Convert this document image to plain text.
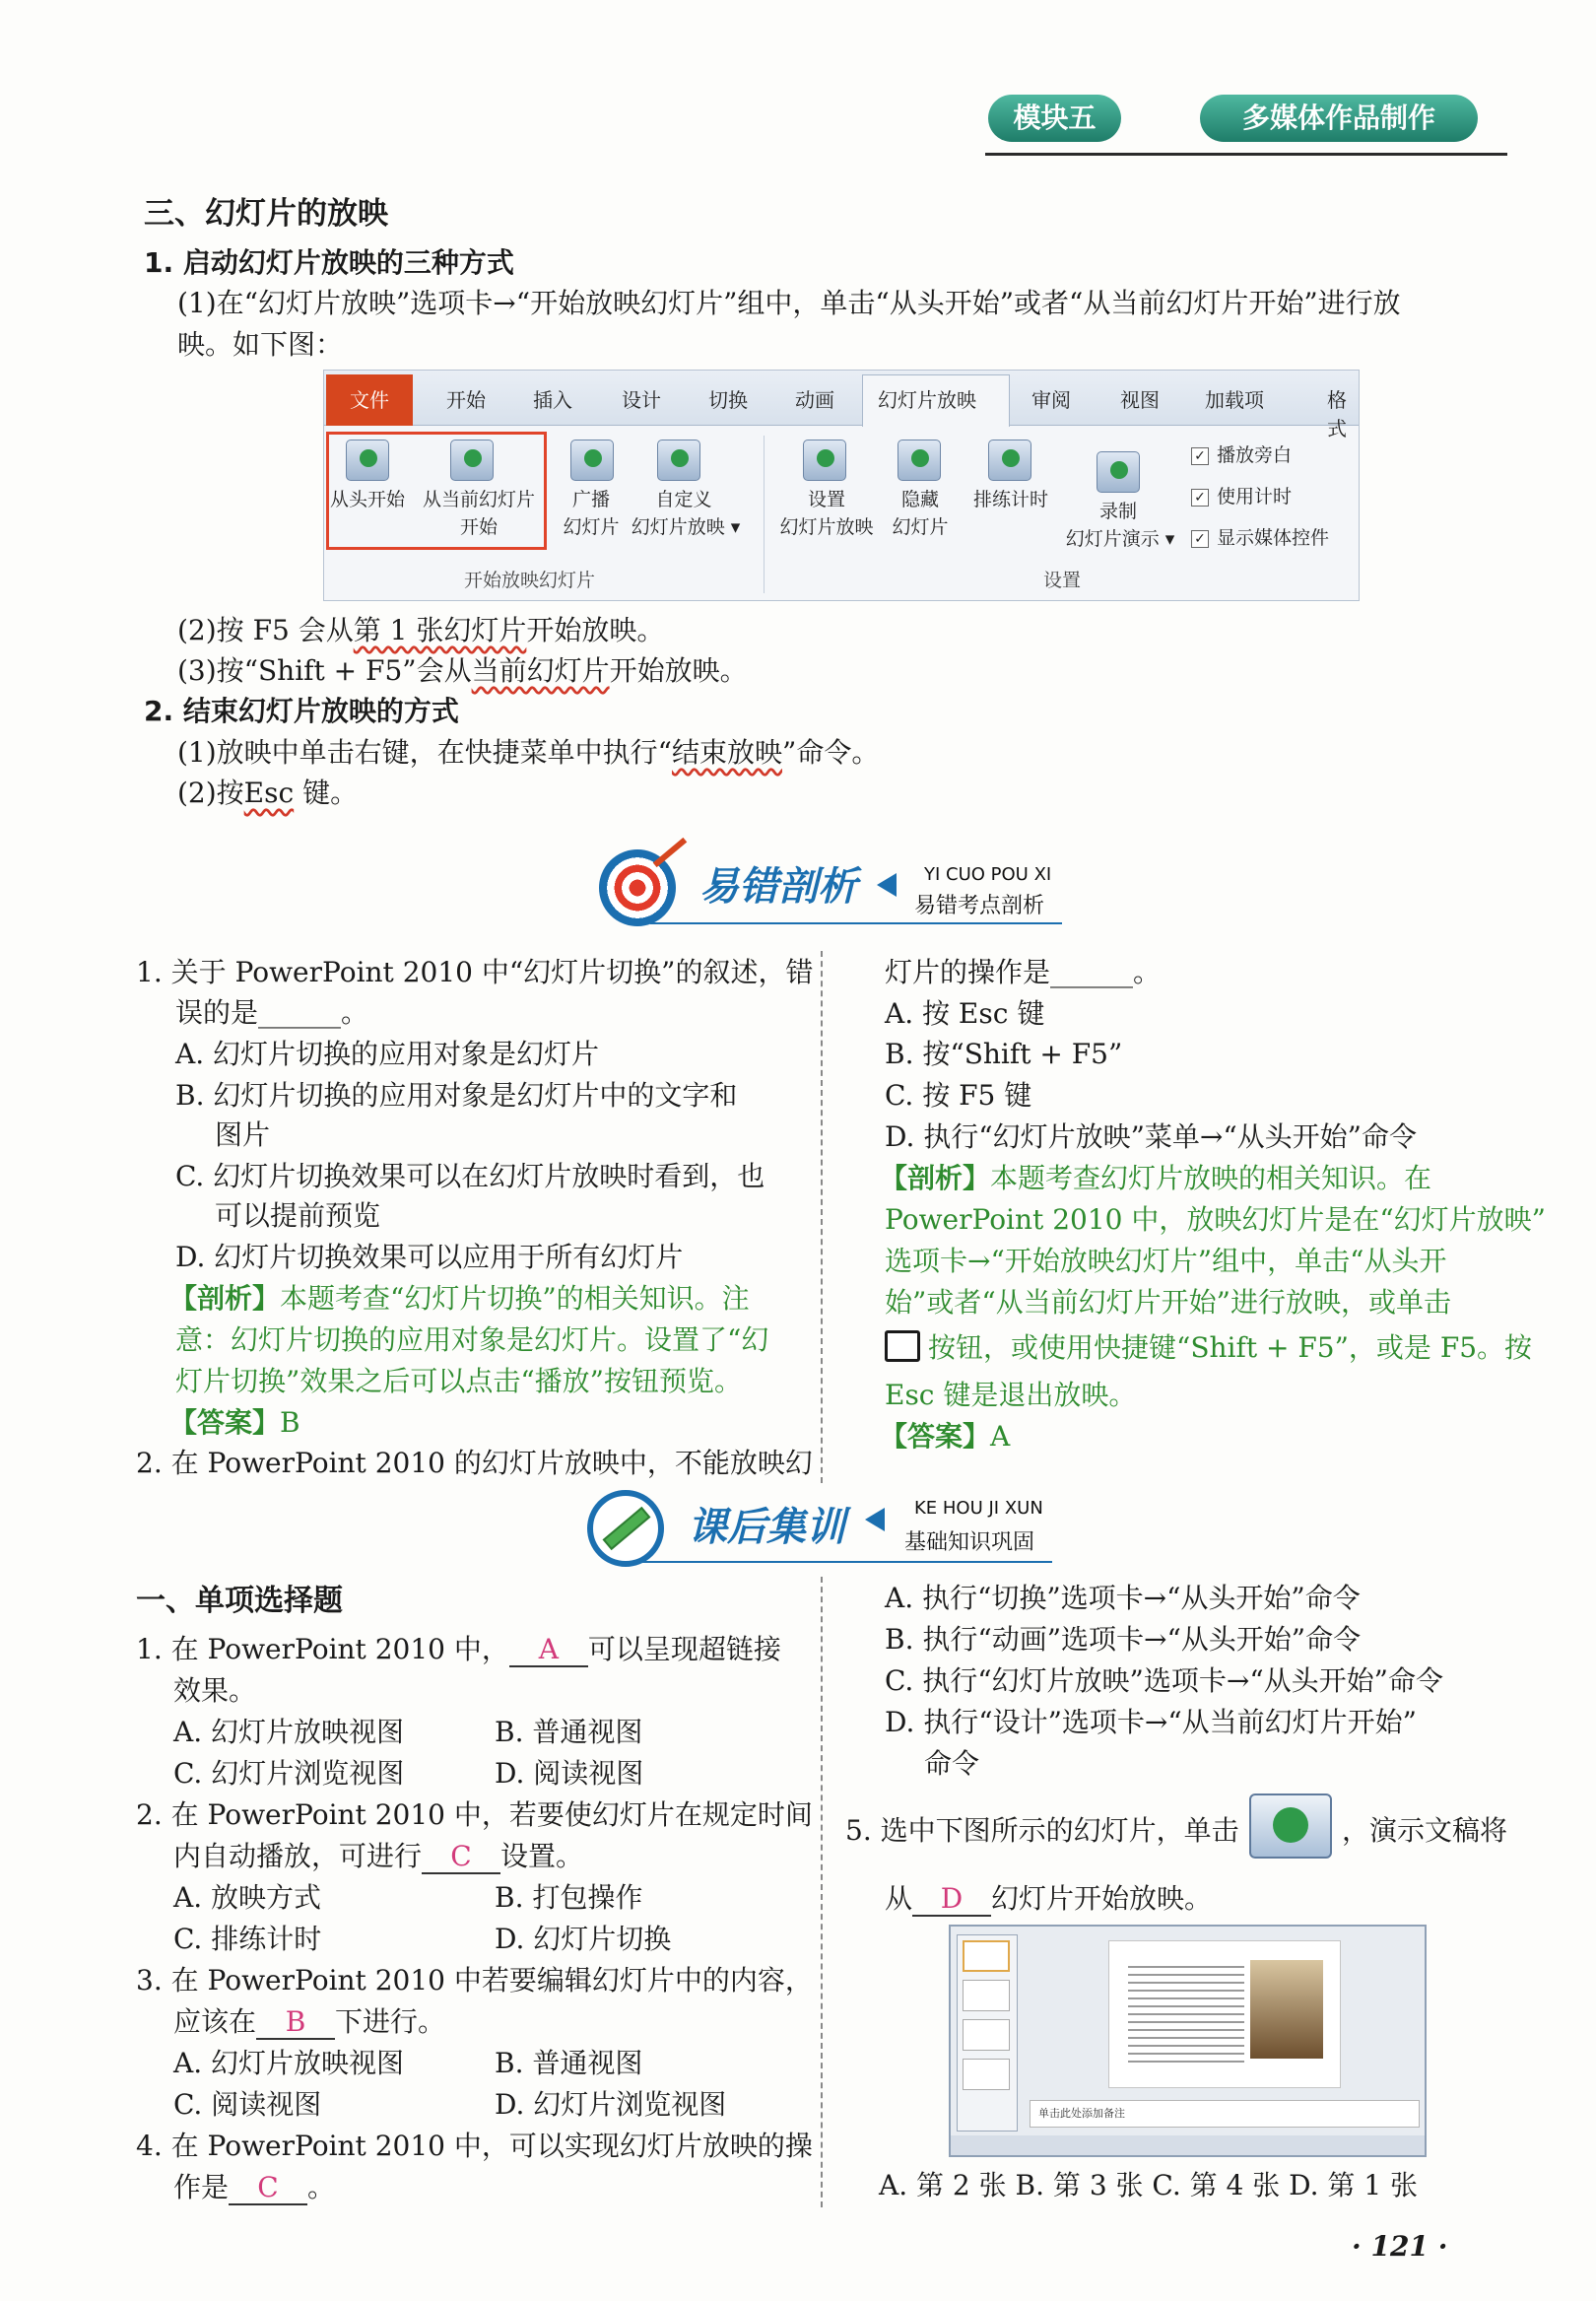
模块五	多媒体作品制作
三、幻灯片的放映
1. 启动幻灯片放映的三种方式
(1)在“幻灯片放映”选项卡→“开始放映幻灯片”组中，单击“从头开始”或者“从当前幻灯片开始”进行放
映。如下图：
文件	开始 插入	设计 切换 动画 幻灯片放映	审阅	视图 加载项	格式
从头开始 从当前幻灯片
开始
广播
幻灯片
自定义
幻灯片放映 ▾
开始放映幻灯片
设置
幻灯片放映
隐藏
幻灯片
排练计时
录制
幻灯片演示 ▾
✓ 播放旁白
✓ 使用计时
✓ 显示媒体控件
设置
(2)按 F5 会从第 1 张幻灯片开始放映。
(3)按“Shift + F5”会从当前幻灯片开始放映。
2. 结束幻灯片放映的方式
(1)放映中单击右键，在快捷菜单中执行“结束放映”命令。
(2)按Esc 键。
易错剖析	YI CUO POU XI
易错考点剖析
1. 关于 PowerPoint 2010 中“幻灯片切换”的叙述，错
误的是______。
A. 幻灯片切换的应用对象是幻灯片
B. 幻灯片切换的应用对象是幻灯片中的文字和
图片
C. 幻灯片切换效果可以在幻灯片放映时看到，也
可以提前预览
D. 幻灯片切换效果可以应用于所有幻灯片
【剖析】本题考查“幻灯片切换”的相关知识。注
意：幻灯片切换的应用对象是幻灯片。设置了“幻
灯片切换”效果之后可以点击“播放”按钮预览。
【答案】B
2. 在 PowerPoint 2010 的幻灯片放映中，不能放映幻
灯片的操作是______。
A. 按 Esc 键
B. 按“Shift + F5”
C. 按 F5 键
D. 执行“幻灯片放映”菜单→“从头开始”命令
【剖析】本题考查幻灯片放映的相关知识。在
PowerPoint 2010 中，放映幻灯片是在“幻灯片放映”
选项卡→“开始放映幻灯片”组中，单击“从头开
始”或者“从当前幻灯片开始”进行放映，或单击
按钮，或使用快捷键“Shift + F5”，或是 F5。按
Esc 键是退出放映。
【答案】A
课后集训	KE HOU JI XUN
基础知识巩固
一、单项选择题
1. 在 PowerPoint 2010 中， A 可以呈现超链接
效果。
A. 幻灯片放映视图	B. 普通视图
C. 幻灯片浏览视图	D. 阅读视图
2. 在 PowerPoint 2010 中，若要使幻灯片在规定时间
内自动播放，可进行 C 设置。
A. 放映方式	B. 打包操作
C. 排练计时	D. 幻灯片切换
3. 在 PowerPoint 2010 中若要编辑幻灯片中的内容，
应该在 B 下进行。
A. 幻灯片放映视图	B. 普通视图
C. 阅读视图	D. 幻灯片浏览视图
4. 在 PowerPoint 2010 中，可以实现幻灯片放映的操
作是 C 。
A. 执行“切换”选项卡→“从头开始”命令
B. 执行“动画”选项卡→“从头开始”命令
C. 执行“幻灯片放映”选项卡→“从头开始”命令
D. 执行“设计”选项卡→“从当前幻灯片开始”
命令
5. 选中下图所示的幻灯片，单击	，演示文稿将
从 D 幻灯片开始放映。
单击此处添加备注
A. 第 2 张 B. 第 3 张 C. 第 4 张 D. 第 1 张
· 121 ·
